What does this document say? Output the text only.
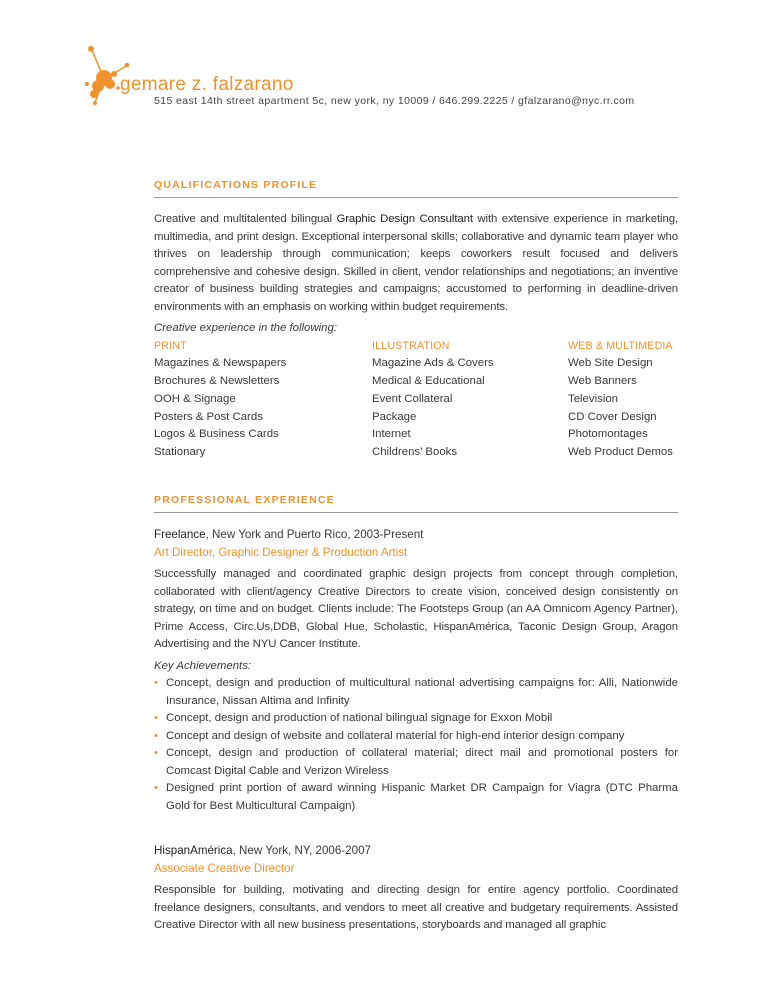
gemare z. falzarano
515 east 14th street apartment 5c, new york, ny 10009 / 646.299.2225 / gfalzarano@nyc.rr.com
QUALIFICATIONS PROFILE

Creative and multitalented bilingual Graphic Design Consultant with extensive experience in marketing, multimedia, and print design. Exceptional interpersonal skills; collaborative and dynamic team player who thrives on leadership through communication; keeps coworkers result focused and delivers comprehensive and cohesive design. Skilled in client, vendor relationships and negotiations; an inventive creator of business building strategies and campaigns; accustomed to performing in deadline-driven environments with an emphasis on working within budget requirements.

Creative experience in the following:
PRINT
Magazines & Newspapers
Brochures & Newsletters
OOH & Signage
Posters & Post Cards
Logos & Business Cards
Stationary
ILLUSTRATION
Magazine Ads & Covers
Medical & Educational
Event Collateral
Package
Internet
Childrens’ Books
WEB & MULTIMEDIA
Web Site Design
Web Banners
Television
CD Cover Design
Photomontages
Web Product Demos
PROFESSIONAL EXPERIENCE
Freelance, New York and Puerto Rico, 2003-Present
Art Director, Graphic Designer & Production Artist

Successfully managed and coordinated graphic design projects from concept through completion, collaborated with client/agency Creative Directors to create vision, conceived design consistently on strategy, on time and on budget. Clients include: The Footsteps Group (an AA Omnicom Agency Partner), Prime Access, Circ.Us,DDB, Global Hue, Scholastic, HispanAmérica, Taconic Design Group, Aragon Advertising and the NYU Cancer Institute.

Key Achievements:
• Concept, design and production of multicultural national advertising campaigns for: Alli, Nationwide Insurance, Nissan Altima and Infinity
• Concept, design and production of national bilingual signage for Exxon Mobil
• Concept and design of website and collateral material for high-end interior design company
• Concept, design and production of collateral material; direct mail and promotional posters for Comcast Digital Cable and Verizon Wireless
• Designed print portion of award winning Hispanic Market DR Campaign for Viagra (DTC Pharma Gold for Best Multicultural Campaign)
HispanAmérica, New York, NY, 2006-2007
Associate Creative Director

Responsible for building, motivating and directing design for entire agency portfolio. Coordinated freelance designers, consultants, and vendors to meet all creative and budgetary requirements. Assisted Creative Director with all new business presentations, storyboards and managed all graphic
